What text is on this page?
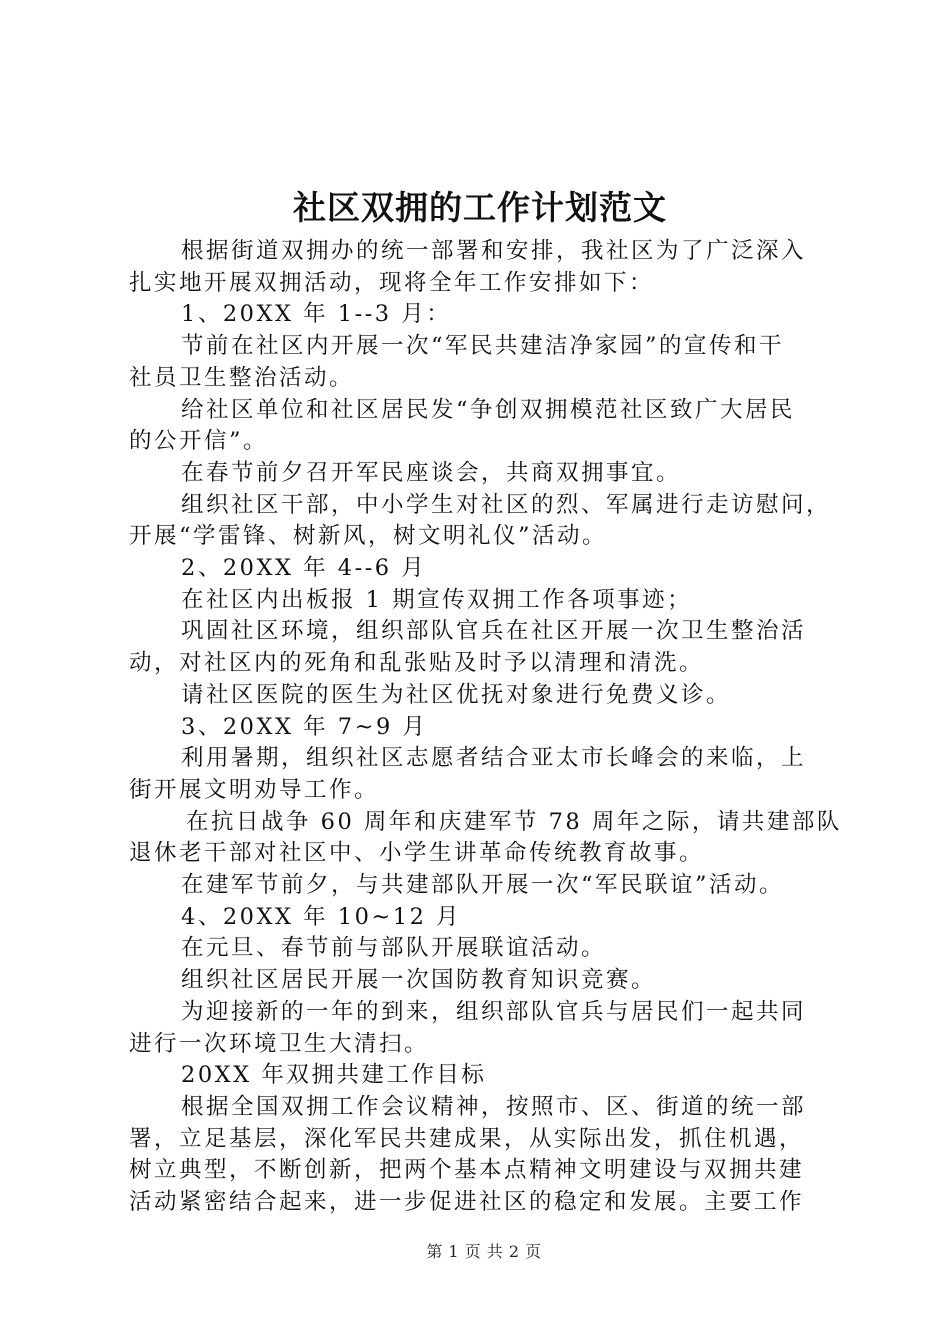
社区双拥的工作计划范文
根据街道双拥办的统一部署和安排，我社区为了广泛深入
扎实地开展双拥活动，现将全年工作安排如下：
1、20XX 年 1--3 月：
节前在社区内开展一次“军民共建洁净家园”的宣传和干
社员卫生整治活动。
给社区单位和社区居民发“争创双拥模范社区致广大居民
的公开信”。
在春节前夕召开军民座谈会，共商双拥事宜。
组织社区干部，中小学生对社区的烈、军属进行走访慰问，
开展“学雷锋、树新风，树文明礼仪”活动。
2、20XX 年 4--6 月
在社区内出板报 1 期宣传双拥工作各项事迹；
巩固社区环境，组织部队官兵在社区开展一次卫生整治活
动，对社区内的死角和乱张贴及时予以清理和清洗。
请社区医院的医生为社区优抚对象进行免费义诊。
3、20XX 年 7~9 月
利用暑期，组织社区志愿者结合亚太市长峰会的来临，上
街开展文明劝导工作。
在抗日战争 60 周年和庆建军节 78 周年之际，请共建部队
退休老干部对社区中、小学生讲革命传统教育故事。
在建军节前夕，与共建部队开展一次“军民联谊”活动。
4、20XX 年 10~12 月
在元旦、春节前与部队开展联谊活动。
组织社区居民开展一次国防教育知识竞赛。
为迎接新的一年的到来，组织部队官兵与居民们一起共同
进行一次环境卫生大清扫。
20XX 年双拥共建工作目标
根据全国双拥工作会议精神，按照市、区、街道的统一部
署，立足基层，深化军民共建成果，从实际出发，抓住机遇，
树立典型，不断创新，把两个基本点精神文明建设与双拥共建
活动紧密结合起来，进一步促进社区的稳定和发展。主要工作
第 1 页 共 2 页
